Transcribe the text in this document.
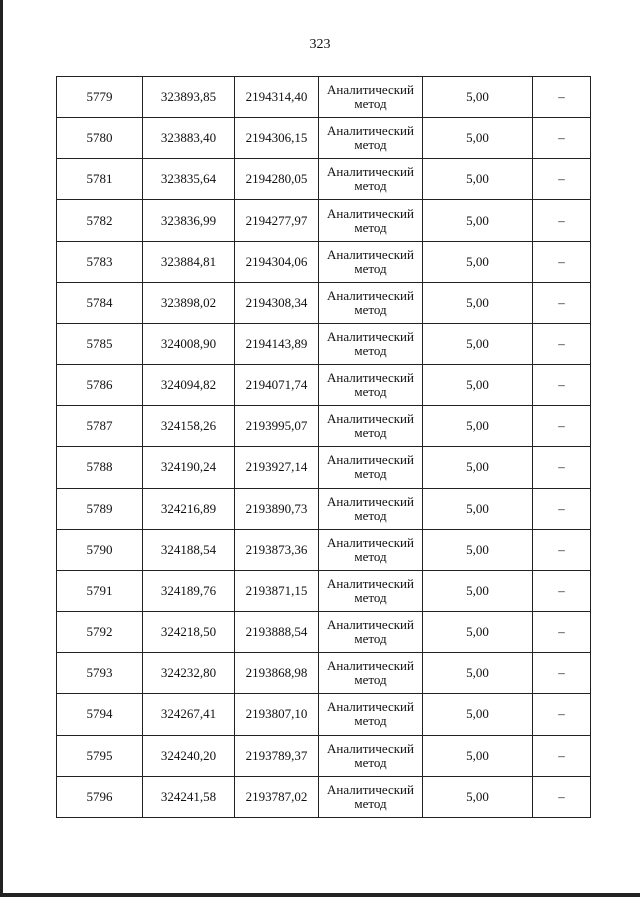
323
5779	323893,85	2194314,40	Аналитический метод	5,00	–
5780	323883,40	2194306,15	Аналитический метод	5,00	–
5781	323835,64	2194280,05	Аналитический метод	5,00	–
5782	323836,99	2194277,97	Аналитический метод	5,00	–
5783	323884,81	2194304,06	Аналитический метод	5,00	–
5784	323898,02	2194308,34	Аналитический метод	5,00	–
5785	324008,90	2194143,89	Аналитический метод	5,00	–
5786	324094,82	2194071,74	Аналитический метод	5,00	–
5787	324158,26	2193995,07	Аналитический метод	5,00	–
5788	324190,24	2193927,14	Аналитический метод	5,00	–
5789	324216,89	2193890,73	Аналитический метод	5,00	–
5790	324188,54	2193873,36	Аналитический метод	5,00	–
5791	324189,76	2193871,15	Аналитический метод	5,00	–
5792	324218,50	2193888,54	Аналитический метод	5,00	–
5793	324232,80	2193868,98	Аналитический метод	5,00	–
5794	324267,41	2193807,10	Аналитический метод	5,00	–
5795	324240,20	2193789,37	Аналитический метод	5,00	–
5796	324241,58	2193787,02	Аналитический метод	5,00	–
